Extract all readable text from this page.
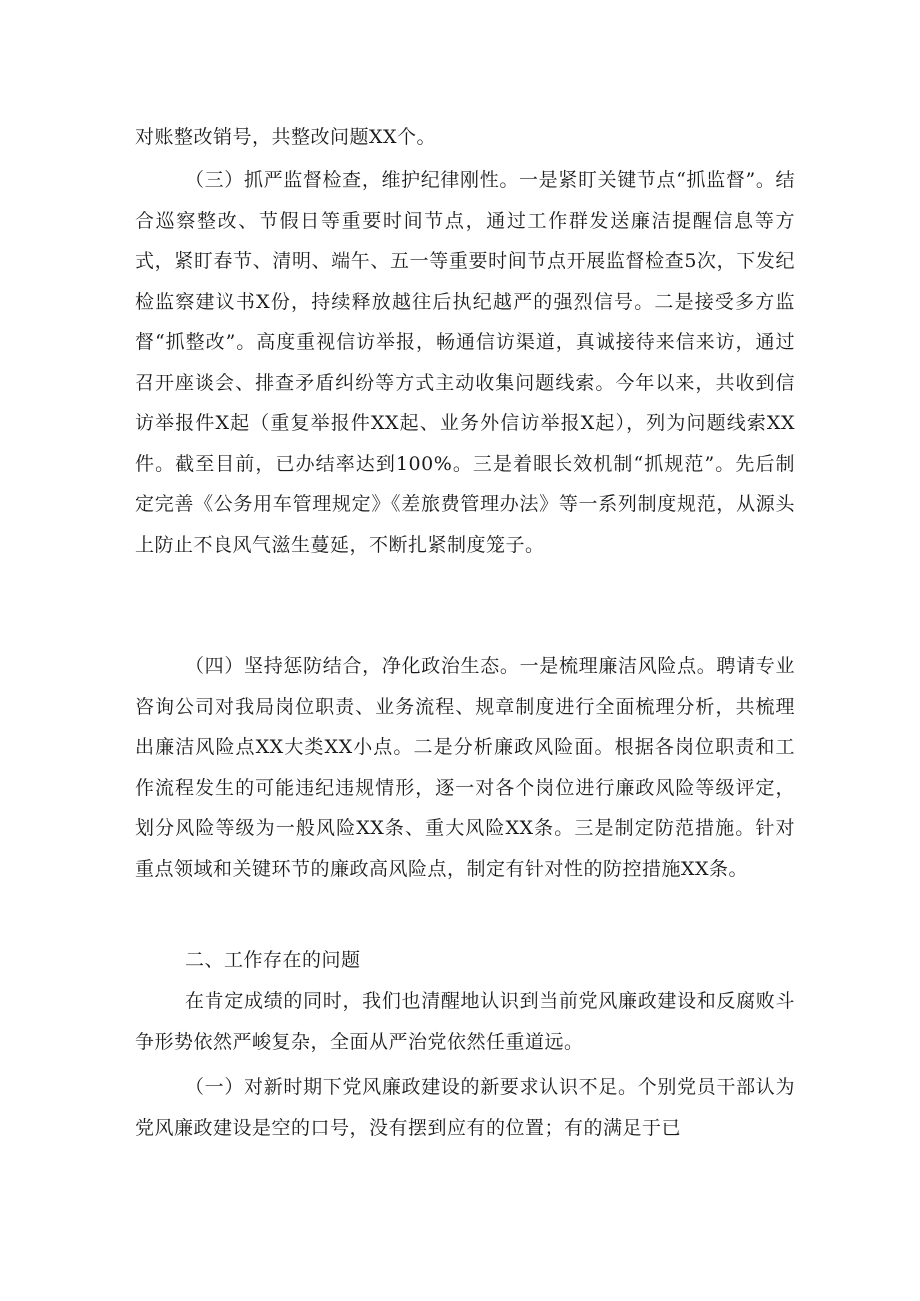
对账整改销号，共整改问题XX个。

（三）抓严监督检查，维护纪律刚性。一是紧盯关键节点“抓监督”。结合巡察整改、节假日等重要时间节点，通过工作群发送廉洁提醒信息等方式，紧盯春节、清明、端午、五一等重要时间节点开展监督检查5次，下发纪检监察建议书X份，持续释放越往后执纪越严的强烈信号。二是接受多方监督“抓整改”。高度重视信访举报，畅通信访渠道，真诚接待来信来访，通过召开座谈会、排查矛盾纠纷等方式主动收集问题线索。今年以来，共收到信访举报件X起（重复举报件XX起、业务外信访举报X起），列为问题线索XX件。截至目前，已办结率达到100%。三是着眼长效机制“抓规范”。先后制定完善《公务用车管理规定》《差旅费管理办法》等一系列制度规范，从源头上防止不良风气滋生蔓延，不断扎紧制度笼子。

（四）坚持惩防结合，净化政治生态。一是梳理廉洁风险点。聘请专业咨询公司对我局岗位职责、业务流程、规章制度进行全面梳理分析，共梳理出廉洁风险点XX大类XX小点。二是分析廉政风险面。根据各岗位职责和工作流程发生的可能违纪违规情形，逐一对各个岗位进行廉政风险等级评定，划分风险等级为一般风险XX条、重大风险XX条。三是制定防范措施。针对重点领域和关键环节的廉政高风险点，制定有针对性的防控措施XX条。

二、工作存在的问题

在肯定成绩的同时，我们也清醒地认识到当前党风廉政建设和反腐败斗争形势依然严峻复杂，全面从严治党依然任重道远。

（一）对新时期下党风廉政建设的新要求认识不足。个别党员干部认为党风廉政建设是空的口号，没有摆到应有的位置；有的满足于已
